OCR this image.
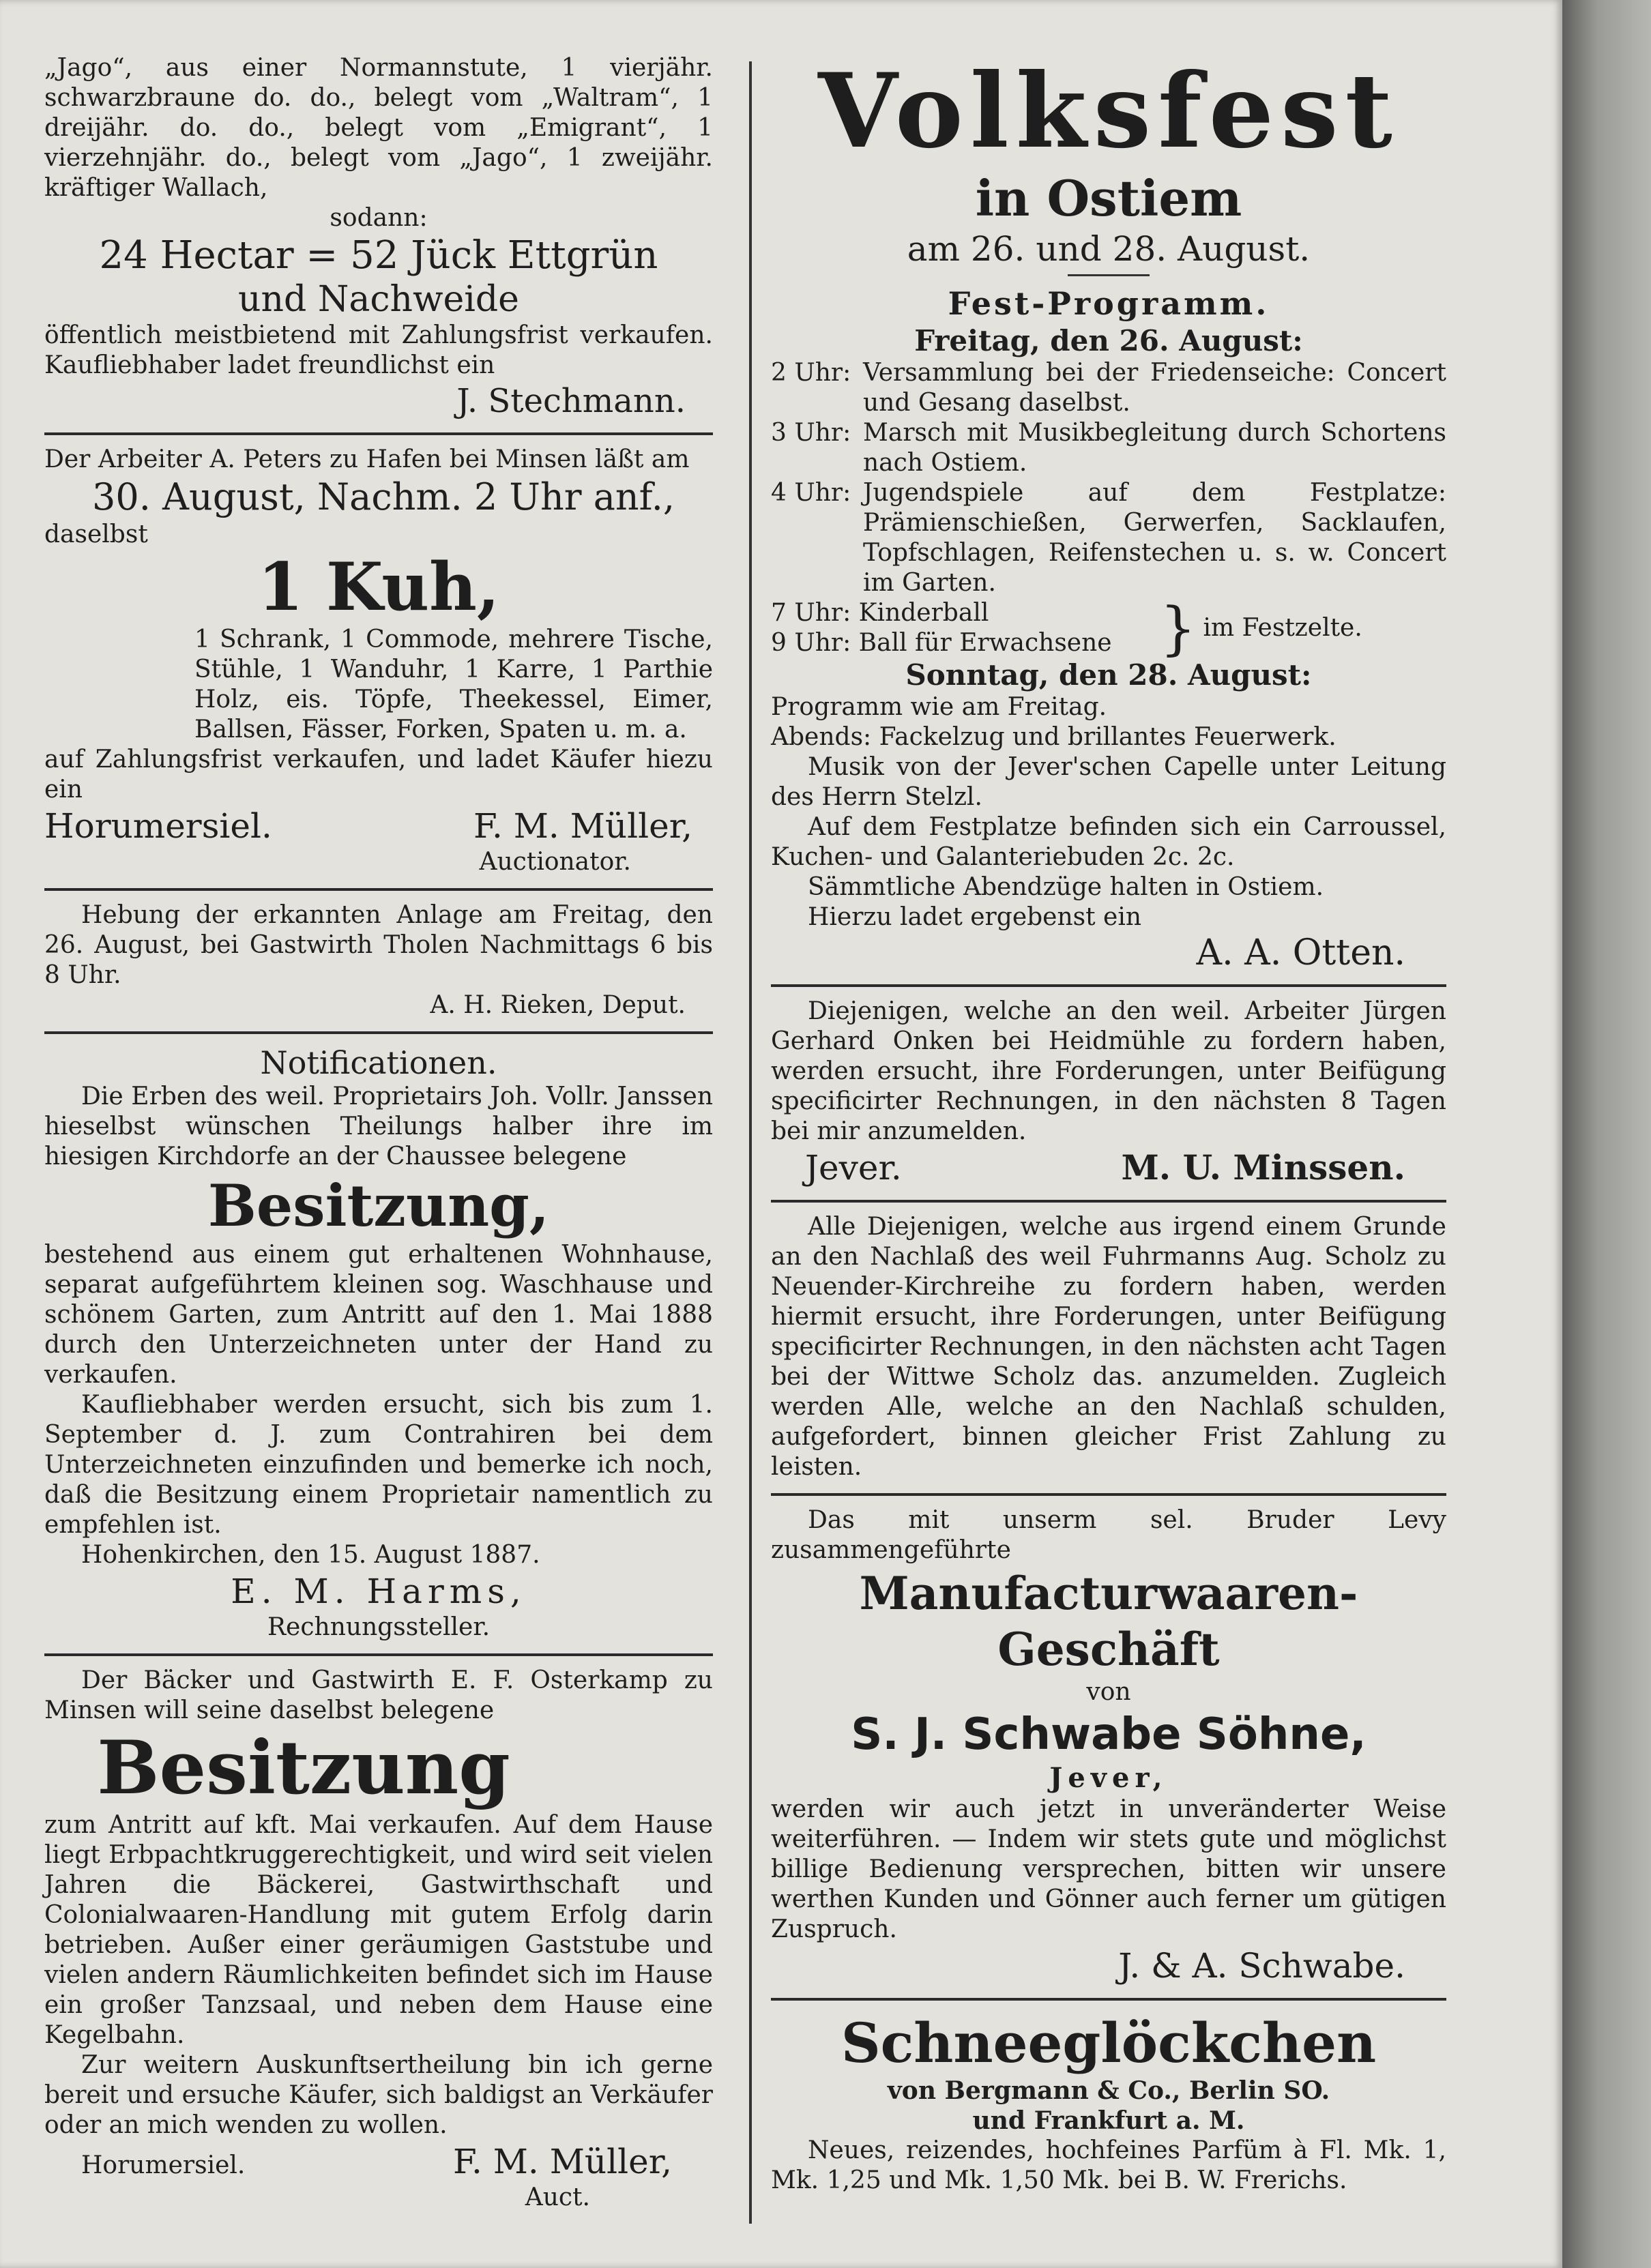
„Jago“, aus einer Normannstute, 1 vierjähr. schwarzbraune do. do., belegt vom „Waltram“, 1 dreijähr. do. do., belegt vom „Emigrant“, 1 vierzehnjähr. do., belegt vom „Jago“, 1 zweijähr. kräftiger Wallach,

sodann:

24 Hectar = 52 Jück Ettgrün

und Nachweide

öffentlich meistbietend mit Zahlungsfrist verkaufen. Kaufliebhaber ladet freundlichst ein

J. Stechmann.

Der Arbeiter A. Peters zu Hafen bei Minsen läßt am

30. August, Nachm. 2 Uhr anf.,

daselbst

1 Kuh,

1 Schrank, 1 Commode, mehrere Tische, Stühle, 1 Wanduhr, 1 Karre, 1 Parthie Holz, eis. Töpfe, Theekessel, Eimer, Ballsen, Fässer, Forken, Spaten u. m. a.

auf Zahlungsfrist verkaufen, und ladet Käufer hiezu ein

Horumersiel.	F. M. Müller,

Auctionator.

Hebung der erkannten Anlage am Freitag, den 26. August, bei Gastwirth Tholen Nachmittags 6 bis 8 Uhr.

A. H. Rieken, Deput.

Notificationen.

Die Erben des weil. Proprietairs Joh. Vollr. Janssen hieselbst wünschen Theilungs halber ihre im hiesigen Kirchdorfe an der Chaussee belegene

Besitzung,

bestehend aus einem gut erhaltenen Wohnhause, separat aufgeführtem kleinen sog. Waschhause und schönem Garten, zum Antritt auf den 1. Mai 1888 durch den Unterzeichneten unter der Hand zu verkaufen.

Kaufliebhaber werden ersucht, sich bis zum 1. September d. J. zum Contrahiren bei dem Unterzeichneten einzufinden und bemerke ich noch, daß die Besitzung einem Proprietair namentlich zu empfehlen ist.

Hohenkirchen, den 15. August 1887.

E. M. Harms,

Rechnungssteller.

Der Bäcker und Gastwirth E. F. Osterkamp zu Minsen will seine daselbst belegene

Besitzung

zum Antritt auf kft. Mai verkaufen. Auf dem Hause liegt Erbpachtkruggerechtigkeit, und wird seit vielen Jahren die Bäckerei, Gastwirthschaft und Colonialwaaren-Handlung mit gutem Erfolg darin betrieben. Außer einer geräumigen Gaststube und vielen andern Räumlichkeiten befindet sich im Hause ein großer Tanzsaal, und neben dem Hause eine Kegelbahn.

Zur weitern Auskunftsertheilung bin ich gerne bereit und ersuche Käufer, sich baldigst an Verkäufer oder an mich wenden zu wollen.

Horumersiel.	F. M. Müller,

Auct.

Volksfest

in Ostiem

am 26. und 28. August.

Fest-Programm.

Freitag, den 26. August:

2 Uhr: Versammlung bei der Friedenseiche: Concert und Gesang daselbst.
3 Uhr: Marsch mit Musikbegleitung durch Schortens nach Ostiem.
4 Uhr: Jugendspiele auf dem Festplatze: Prämienschießen, Gerwerfen, Sacklaufen, Topfschlagen, Reifenstechen u. s. w. Concert im Garten.

7 Uhr: Kinderball

9 Uhr: Ball für Erwachsene } im Festzelte.

Sonntag, den 28. August:

Programm wie am Freitag.

Abends: Fackelzug und brillantes Feuerwerk.

Musik von der Jever'schen Capelle unter Leitung des Herrn Stelzl.

Auf dem Festplatze befinden sich ein Carroussel, Kuchen- und Galanteriebuden 2c. 2c.

Sämmtliche Abendzüge halten in Ostiem.

Hierzu ladet ergebenst ein

A. A. Otten.

Diejenigen, welche an den weil. Arbeiter Jürgen Gerhard Onken bei Heidmühle zu fordern haben, werden ersucht, ihre Forderungen, unter Beifügung specificirter Rechnungen, in den nächsten 8 Tagen bei mir anzumelden.

Jever.	M. U. Minssen.

Alle Diejenigen, welche aus irgend einem Grunde an den Nachlaß des weil Fuhrmanns Aug. Scholz zu Neuender-Kirchreihe zu fordern haben, werden hiermit ersucht, ihre Forderungen, unter Beifügung specificirter Rechnungen, in den nächsten acht Tagen bei der Wittwe Scholz das. anzumelden. Zugleich werden Alle, welche an den Nachlaß schulden, aufgefordert, binnen gleicher Frist Zahlung zu leisten.

Das mit unserm sel. Bruder Levy zusammengeführte

Manufacturwaaren-

Geschäft

von

S. J. Schwabe Söhne,

Jever,

werden wir auch jetzt in unveränderter Weise weiterführen. — Indem wir stets gute und möglichst billige Bedienung versprechen, bitten wir unsere werthen Kunden und Gönner auch ferner um gütigen Zuspruch.

J. & A. Schwabe.

Schneeglöckchen

von Bergmann & Co., Berlin SO.

und Frankfurt a. M.

Neues, reizendes, hochfeines Parfüm à Fl. Mk. 1, Mk. 1,25 und Mk. 1,50 Mk. bei B. W. Frerichs.
